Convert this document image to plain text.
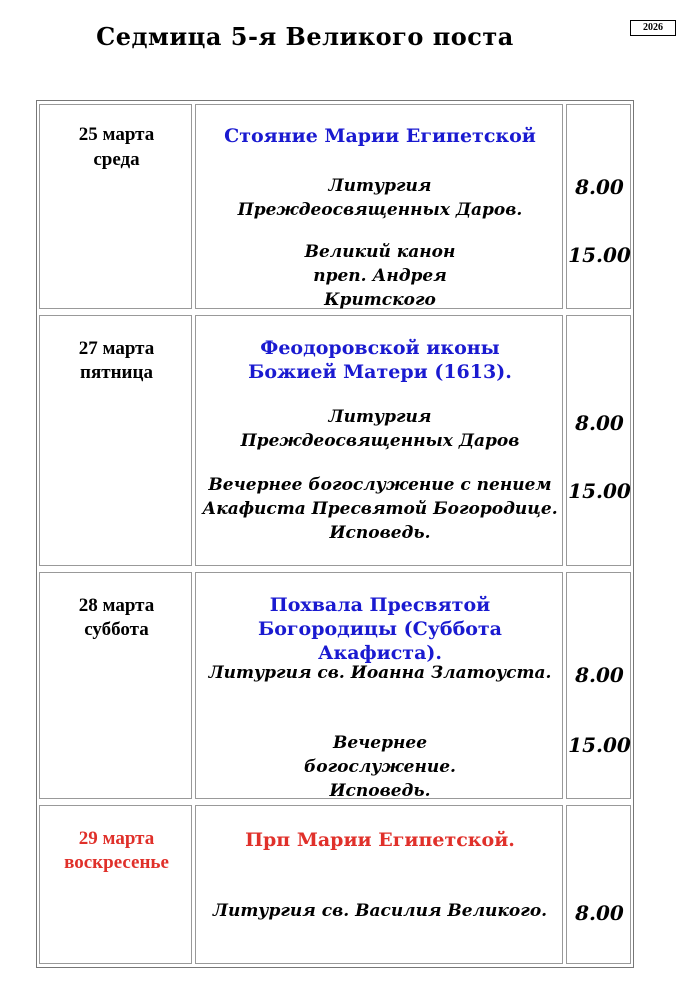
Седмица 5-я Великого поста	2026
25 марта
среда
Стояние Марии Египетской
Литургия Преждеосвященных Даров.
Великий канон преп. Андрея Критского
8.00
15.00
27 марта
пятница
Феодоровской иконы Божией Матери (1613).
Литургия Преждеосвященных Даров
Вечернее богослужение с пением Акафиста Пресвятой Богородице. Исповедь.
8.00
15.00
28 марта
суббота
Похвала Пресвятой Богородицы (Суббота Акафиста).
Литургия св. Иоанна Златоуста.
Вечернее богослужение. Исповедь.
8.00
15.00
29 марта
воскресенье
Прп Марии Египетской.
Литургия св. Василия Великого.	8.00
